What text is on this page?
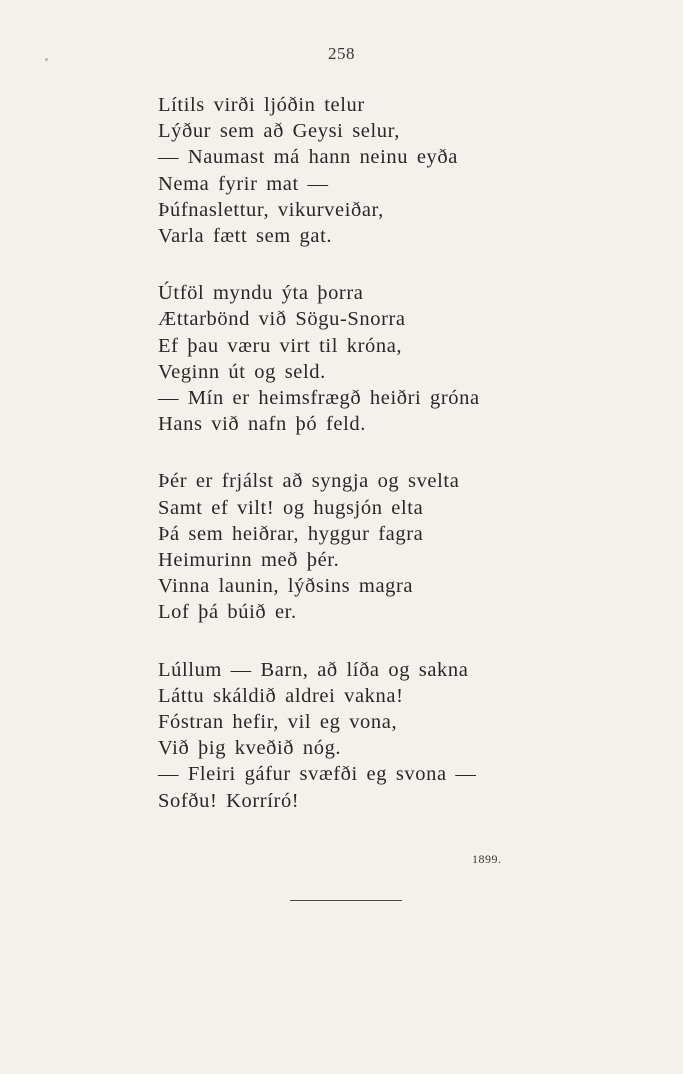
258
Lítils virði ljóðin telur
Lýður sem að Geysi selur,
— Naumast má hann neinu eyða
Nema fyrir mat —
Þúfnaslettur, vikurveiðar,
Varla fætt sem gat.
Útföl myndu ýta þorra
Ættarbönd við Sögu-Snorra
Ef þau væru virt til króna,
Veginn út og seld.
— Mín er heimsfrægð heiðri gróna
Hans við nafn þó feld.
Þér er frjálst að syngja og svelta
Samt ef vilt! og hugsjón elta
Þá sem heiðrar, hyggur fagra
Heimurinn með þér.
Vinna launin, lýðsins magra
Lof þá búið er.
Lúllum — Barn, að líða og sakna
Láttu skáldið aldrei vakna!
Fóstran hefir, vil eg vona,
Við þig kveðið nóg.
— Fleiri gáfur svæfði eg svona —
Sofðu! Korríró!
1899.
